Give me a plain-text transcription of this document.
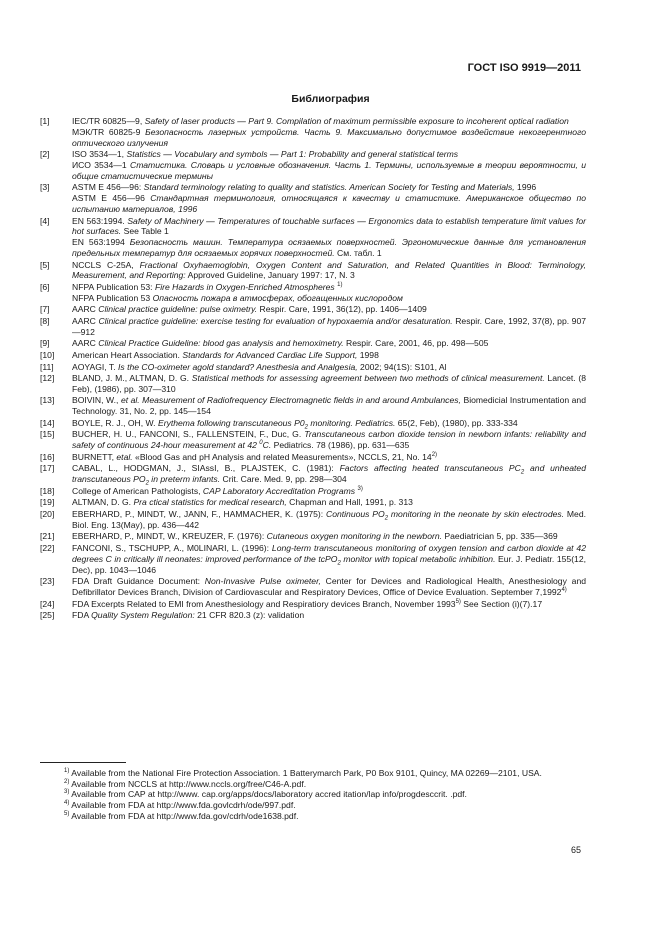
ГОСТ ISO 9919—2011
Библиография
[1]	IEC/TR 60825—9, Safety of laser products — Part 9. Compilation of maximum permissible exposure to incoherent optical radiation
МЭК/TR 60825-9 Безопасность лазерных устройств. Часть 9. Максимально допустимое воздействие некогерентного оптического излучения
[2]	ISO 3534—1, Statistics — Vocabulary and symbols — Part 1: Probability and general statistical terms
ИСО 3534—1 Статистика. Словарь и условные обозначения. Часть 1. Термины, используемые в теории вероятности, и общие статистические термины
[3]	ASTM E 456—96: Standard terminology relating to quality and statistics. American Society for Testing and Materials, 1996
ASTM E 456—96 Стандартная терминология, относящаяся к качеству и статистике. Американское общество по испытанию материалов, 1996
[4]	EN 563:1994. Safety of Machinery — Temperatures of touchable surfaces — Ergonomics data to establish temperature limit values for hot surfaces. See Table 1
EN 563:1994 Безопасность машин. Температура осязаемых поверхностей. Эргономические данные для установления предельных температур для осязаемых горячих поверхностей. См. табл. 1
[5]	NCCLS C-25A, Fractional Oxyhaemoglobin, Oxygen Content and Saturation, and Related Quantities in Blood: Terminology, Measurement, and Reporting: Approved Guideline, January 1997: 17, N. 3
[6]	NFPA Publication 53: Fire Hazards in Oxygen-Enriched Atmospheres $^{1)}$
NFPA Publication 53 Опасность пожара в атмосферах, обогащенных кислородом
[7]	AARC Clinical practice guideline: pulse oximetry. Respir. Care, 1991, 36(12), pp. 1406—1409
[8]	AARC Clinical practice guideline: exercise testing for evaluation of hypoxaemia and/or desaturation. Respir. Care, 1992, 37(8), pp. 907—912
[9]	AARC Clinical Practice Guideline: blood gas analysis and hemoximetry. Respir. Care, 2001, 46, pp. 498—505
[10] American Heart Association. Standards for Advanced Cardiac Life Support, 1998
[11] AOYAGI, T. Is the CO-oximeter agold standard? Anesthesia and Analgesia, 2002; 94(1S): S101, Al
[12] BLAND, J. M., ALTMAN, D. G. Statistical methods for assessing agreement between two methods of clinical measurement. Lancet. (8 Feb), (1986), pp. 307—310
[13] BOIVIN, W., et al. Measurement of Radiofrequency Electromagnetic fields in and around Ambulances, Biomedicial Instrumentation and Technology. 31, No. 2, pp. 145—154
[14] BOYLE, R. J., OH, W. Erythema following transcutaneous $P0_2$ monitoring. Pediatrics. 65(2, Feb), (1980), pp. 333-334
[15] BUCHER, H. U., FANCONI, S., FALLENSTEIN, F., Duc, G. Transcutaneous carbon dioxide tension in newborn infants: reliability and safety of continuous 24-hour measurement at 42 $^0$C. Pediatrics. 78 (1986), pp. 631—635
[16] BURNETT, etal. «Blood Gas and pH Analysis and related Measurements», NCCLS, 21, No. 14$^{2)}$
[17] CABAL, L., HODGMAN, J., SIAssI, B., PLAJSTEK, C. (1981): Factors affecting heated transcutaneous $PC_2$ and unheated transcutaneous $PO_2$ in preterm infants. Crit. Care. Med. 9, pp. 298—304
[18] College of American Pathologists, CAP Laboratory Accreditation Programs $^{3)}$
[19] ALTMAN, D. G. Pra ctical statistics for medical research, Chapman and Hall, 1991, p. 313
[20] EBERHARD, P., MINDT, W., JANN, F., HAMMACHER, K. (1975): Continuous $PO_2$ monitoring in the neonate by skin electrodes. Med. Biol. Eng. 13(May), pp. 436—442
[21] EBERHARD, P., MINDT, W., KREUZER, F. (1976): Cutaneous oxygen monitoring in the newborn. Paediatrician 5, pp. 335—369
[22] FANCONI, S., TSCHUPP, A., M0LINARI, L. (1996): Long-term transcutaneous monitoring of oxygen tension and carbon dioxide at 42 degrees C in critically ill neonates: improved performance of the tcPO$_2$ monitor with topical metabolic inhibition. Eur. J. Pediatr. 155(12, Dec), pp. 1043—1046
[23] FDA Draft Guidance Document: Non-Invasive Pulse oximeter, Center for Devices and Radiological Health, Anesthesiology and Defibrillator Devices Branch, Division of Cardiovascular and Respiratory Devices, Office of Device Evaluation. September 7,1992$^{4)}$
[24] FDA Excerpts Related to EMI from Anesthesiology and Respiratiory devices Branch, November 1993$^{5)}$ See Section (i)(7).17
[25] FDA Quality System Regulation: 21 CFR 820.3 (z): validation
$^{1)}$ Available from the National Fire Protection Association. 1 Batterymarch Park, P0 Box 9101, Quincy, MA 02269—2101, USA.
$^{2)}$ Available from NCCLS at http://www.nccls.org/free/C46-A.pdf.
$^{3)}$ Available from CAP at http://www. cap.org/apps/docs/laboratory accred itation/lap info/progdesccrit. .pdf.
$^{4)}$ Available from FDA at http://www.fda.govlcdrh/ode/997.pdf.
$^{5)}$ Available from FDA at http://www.fda.gov/cdrh/ode1638.pdf.
65
